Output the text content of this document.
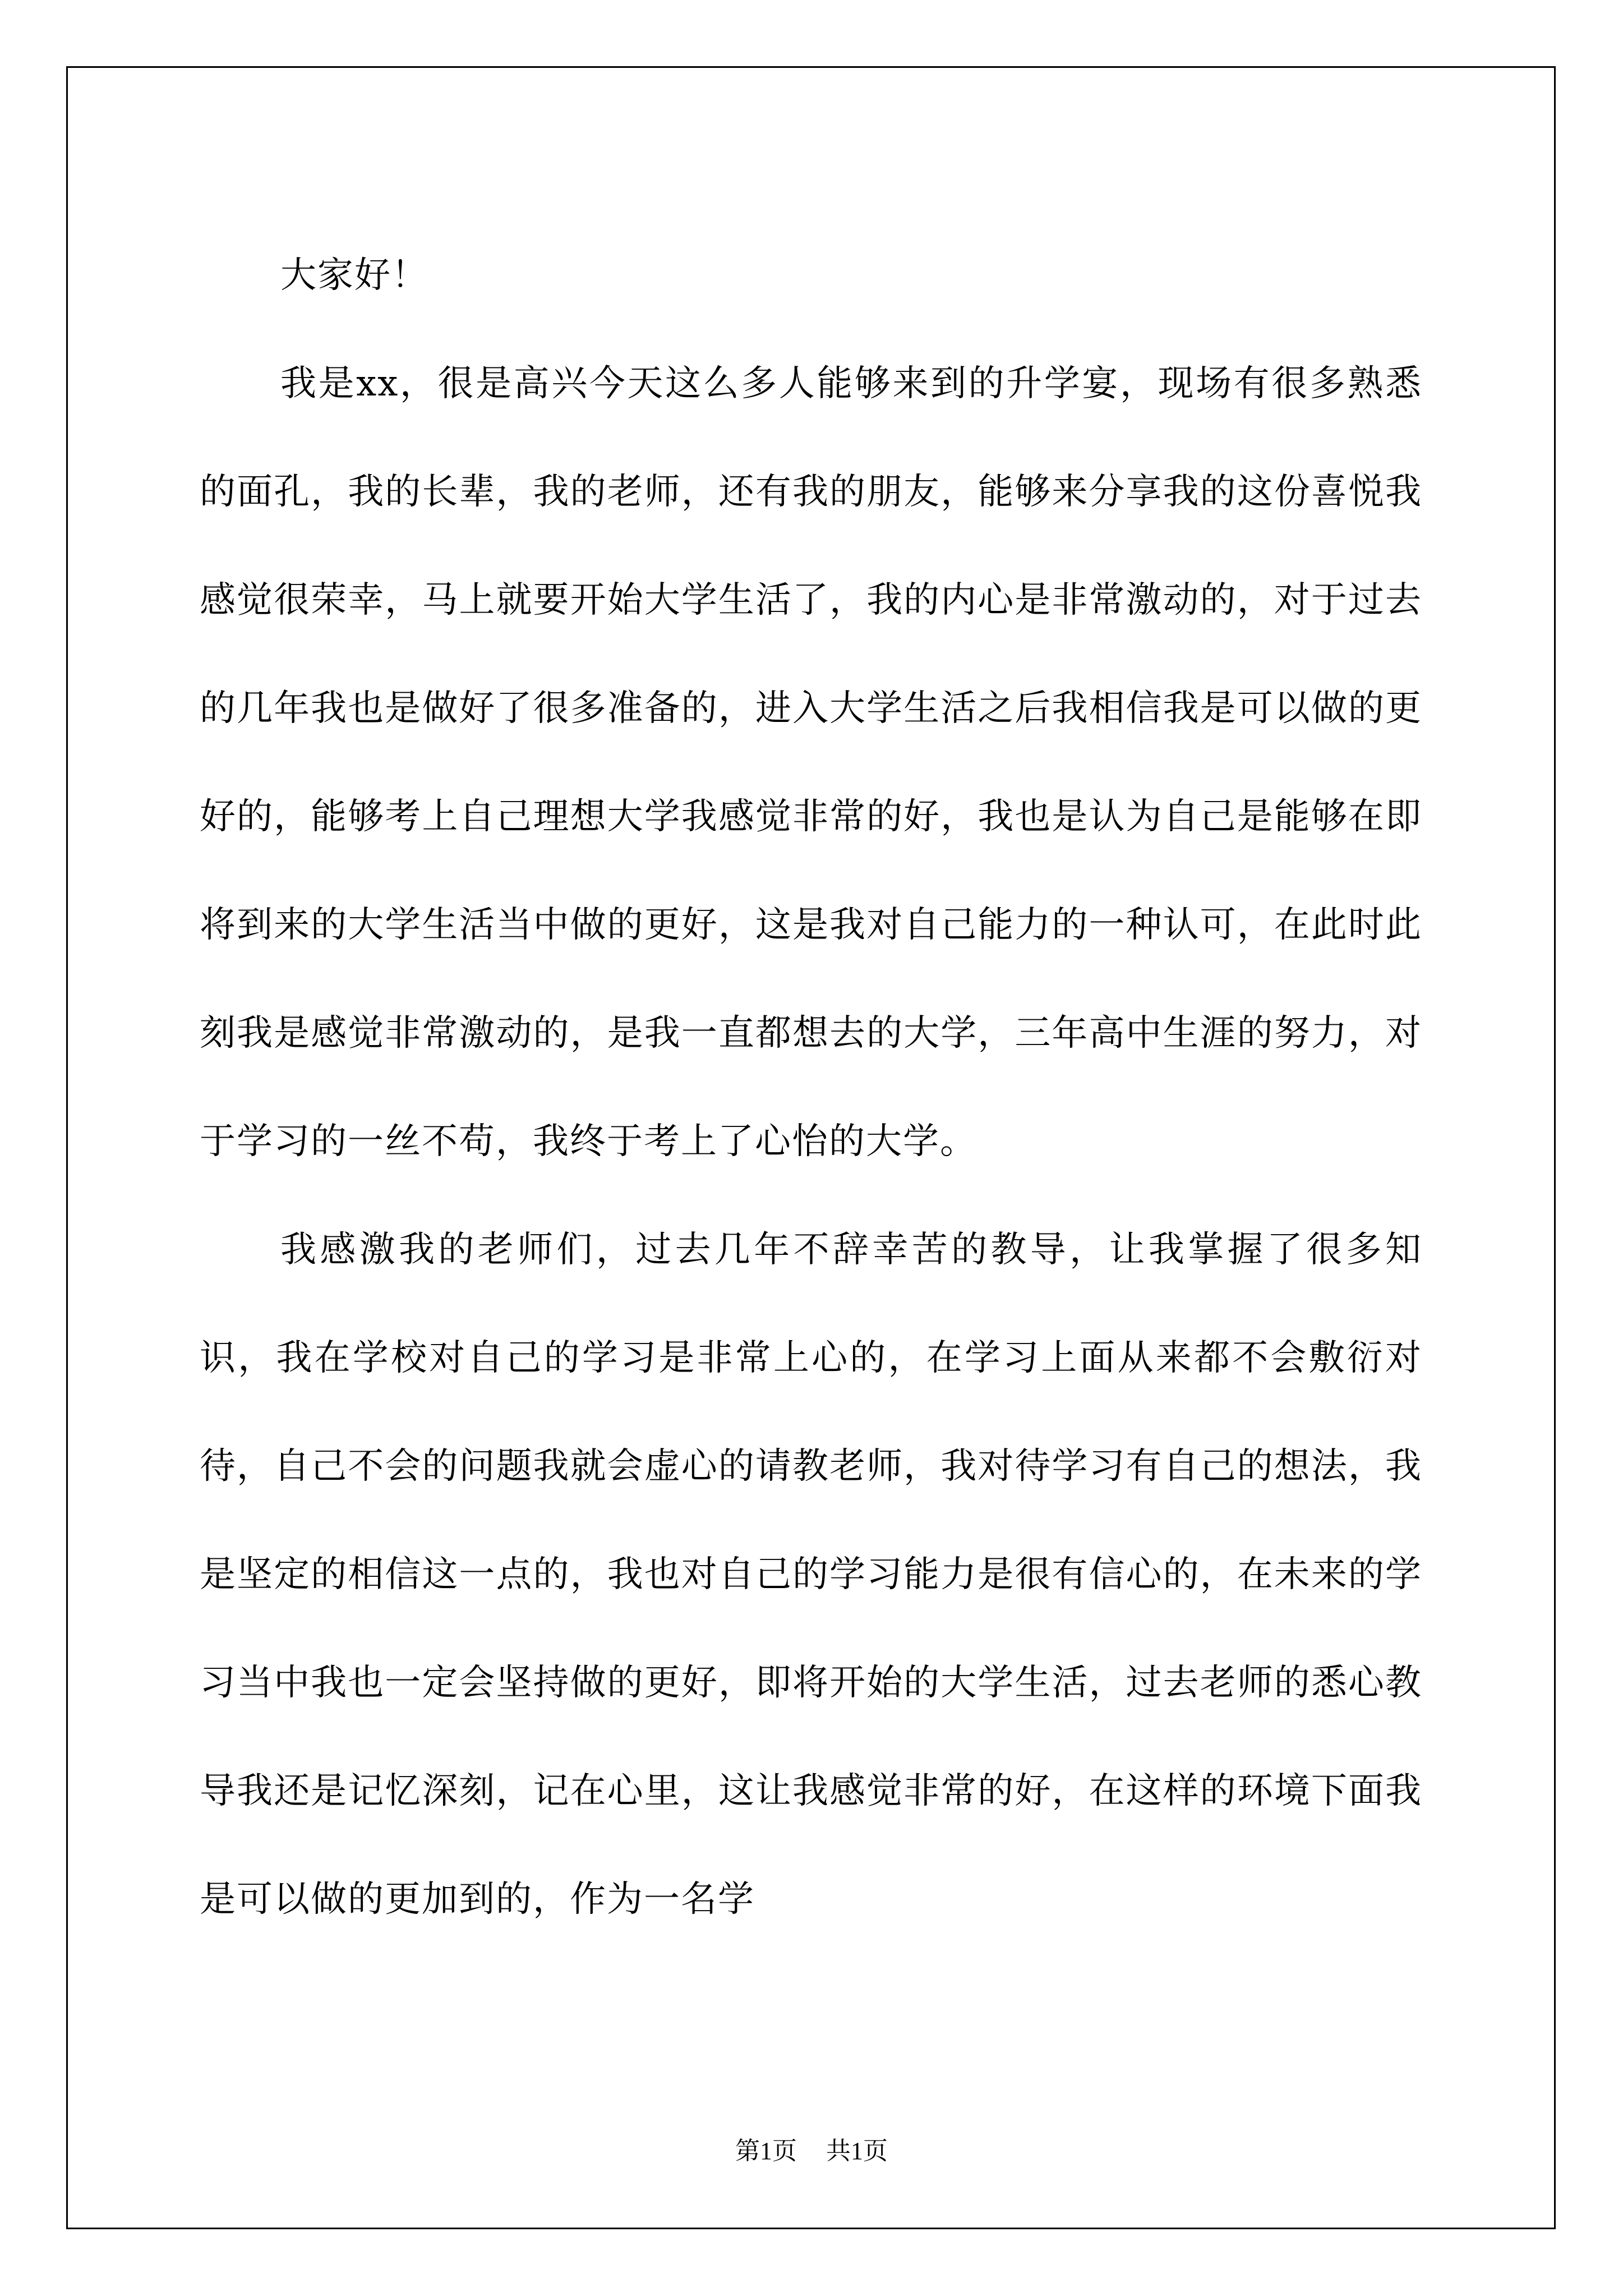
大家好！

我是xx，很是高兴今天这么多人能够来到的升学宴，现场有很多熟悉的面孔，我的长辈，我的老师，还有我的朋友，能够来分享我的这份喜悦我感觉很荣幸，马上就要开始大学生活了，我的内心是非常激动的，对于过去的几年我也是做好了很多准备的，进入大学生活之后我相信我是可以做的更好的，能够考上自己理想大学我感觉非常的好，我也是认为自己是能够在即将到来的大学生活当中做的更好，这是我对自己能力的一种认可，在此时此刻我是感觉非常激动的，是我一直都想去的大学，三年高中生涯的努力，对于学习的一丝不苟，我终于考上了心怡的大学。

我感激我的老师们，过去几年不辞幸苦的教导，让我掌握了很多知识，我在学校对自己的学习是非常上心的，在学习上面从来都不会敷衍对待，自己不会的问题我就会虚心的请教老师，我对待学习有自己的想法，我是坚定的相信这一点的，我也对自己的学习能力是很有信心的，在未来的学习当中我也一定会坚持做的更好，即将开始的大学生活，过去老师的悉心教导我还是记忆深刻，记在心里，这让我感觉非常的好，在这样的环境下面我是可以做的更加到的，作为一名学

第1页 共1页
